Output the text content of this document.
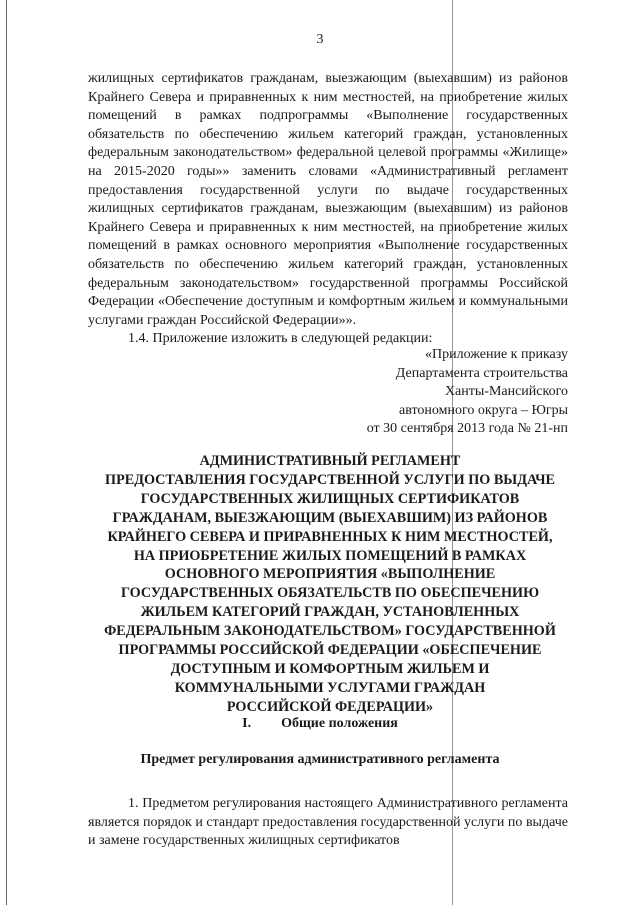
3

жилищных сертификатов гражданам, выезжающим (выехавшим) из районов Крайнего Севера и приравненных к ним местностей, на приобретение жилых помещений в рамках подпрограммы «Выполнение государственных обязательств по обеспечению жильем категорий граждан, установленных федеральным законодательством» федеральной целевой программы «Жилище» на 2015-2020 годы»» заменить словами «Административный регламент предоставления государственной услуги по выдаче государственных жилищных сертификатов гражданам, выезжающим (выехавшим) из районов Крайнего Севера и приравненных к ним местностей, на приобретение жилых помещений в рамках основного мероприятия «Выполнение государственных обязательств по обеспечению жильем категорий граждан, установленных федеральным законодательством» государственной программы Российской Федерации «Обеспечение доступным и комфортным жильем и коммунальными услугами граждан Российской Федерации»».

1.4. Приложение изложить в следующей редакции:

«Приложение к приказу
Департамента строительства
Ханты-Мансийского
автономного округа – Югры
от 30 сентября 2013 года № 21-нп
АДМИНИСТРАТИВНЫЙ РЕГЛАМЕНТ
ПРЕДОСТАВЛЕНИЯ ГОСУДАРСТВЕННОЙ УСЛУГИ ПО ВЫДАЧЕ
ГОСУДАРСТВЕННЫХ ЖИЛИЩНЫХ СЕРТИФИКАТОВ
ГРАЖДАНАМ, ВЫЕЗЖАЮЩИМ (ВЫЕХАВШИМ) ИЗ РАЙОНОВ
КРАЙНЕГО СЕВЕРА И ПРИРАВНЕННЫХ К НИМ МЕСТНОСТЕЙ,
НА ПРИОБРЕТЕНИЕ ЖИЛЫХ ПОМЕЩЕНИЙ В РАМКАХ
ОСНОВНОГО МЕРОПРИЯТИЯ «ВЫПОЛНЕНИЕ
ГОСУДАРСТВЕННЫХ ОБЯЗАТЕЛЬСТВ ПО ОБЕСПЕЧЕНИЮ
ЖИЛЬЕМ КАТЕГОРИЙ ГРАЖДАН, УСТАНОВЛЕННЫХ
ФЕДЕРАЛЬНЫМ ЗАКОНОДАТЕЛЬСТВОМ» ГОСУДАРСТВЕННОЙ
ПРОГРАММЫ РОССИЙСКОЙ ФЕДЕРАЦИИ «ОБЕСПЕЧЕНИЕ
ДОСТУПНЫМ И КОМФОРТНЫМ ЖИЛЬЕМ И
КОММУНАЛЬНЫМИ УСЛУГАМИ ГРАЖДАН
РОССИЙСКОЙ ФЕДЕРАЦИИ»
I. Общие положения
Предмет регулирования административного регламента

1. Предметом регулирования настоящего Административного регламента является порядок и стандарт предоставления государственной услуги по выдаче и замене государственных жилищных сертификатов
